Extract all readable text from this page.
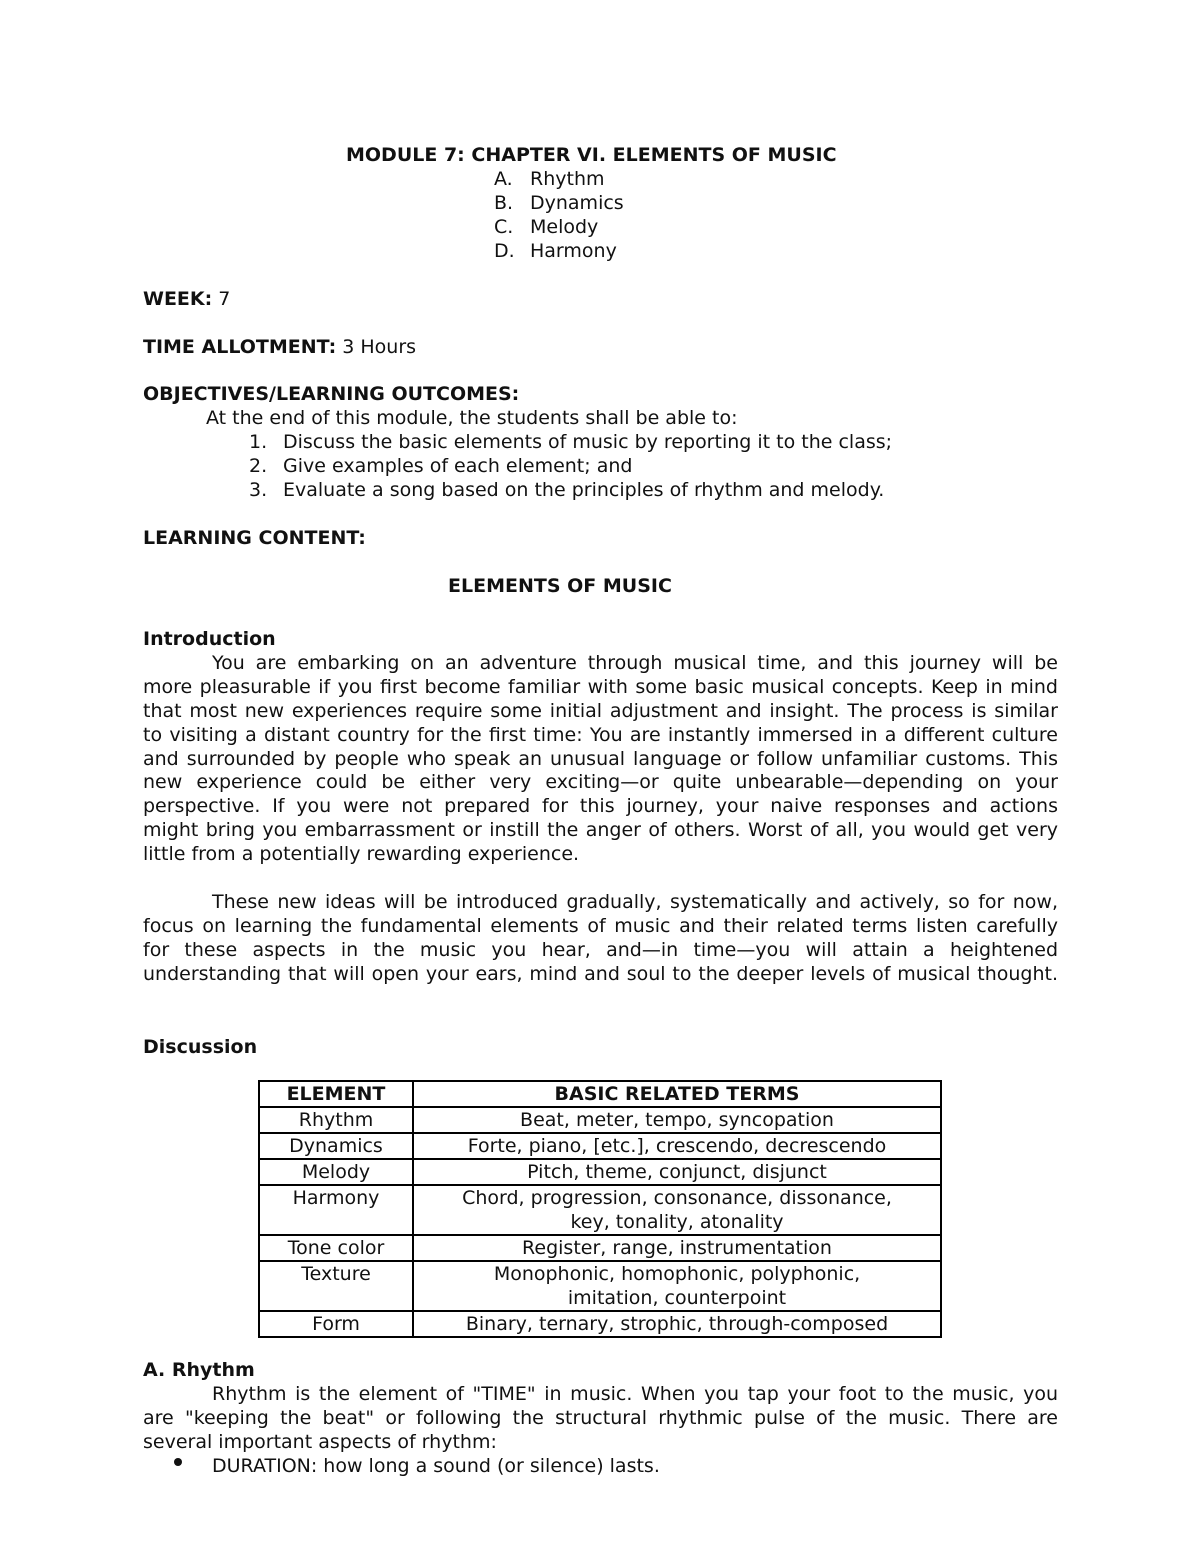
MODULE 7: CHAPTER VI. ELEMENTS OF MUSIC
A. Rhythm
B. Dynamics
C. Melody
D. Harmony
WEEK: 7
TIME ALLOTMENT: 3 Hours
OBJECTIVES/LEARNING OUTCOMES:
At the end of this module, the students shall be able to:
1. Discuss the basic elements of music by reporting it to the class;
2. Give examples of each element; and
3. Evaluate a song based on the principles of rhythm and melody.
LEARNING CONTENT:
ELEMENTS OF MUSIC
Introduction
You are embarking on an adventure through musical time, and this journey will be
more pleasurable if you first become familiar with some basic musical concepts. Keep in mind
that most new experiences require some initial adjustment and insight. The process is similar
to visiting a distant country for the first time: You are instantly immersed in a different culture
and surrounded by people who speak an unusual language or follow unfamiliar customs. This
new experience could be either very exciting—or quite unbearable—depending on your
perspective. If you were not prepared for this journey, your naive responses and actions
might bring you embarrassment or instill the anger of others. Worst of all, you would get very
little from a potentially rewarding experience.
These new ideas will be introduced gradually, systematically and actively, so for now,
focus on learning the fundamental elements of music and their related terms listen carefully
for these aspects in the music you hear, and—in time—you will attain a heightened
understanding that will open your ears, mind and soul to the deeper levels of musical thought.
Discussion
ELEMENT	BASIC RELATED TERMS
Rhythm	Beat, meter, tempo, syncopation
Dynamics	Forte, piano, [etc.], crescendo, decrescendo
Melody	Pitch, theme, conjunct, disjunct
Harmony	Chord, progression, consonance, dissonance,
key, tonality, atonality

Tone color	Register, range, instrumentation
Texture	Monophonic, homophonic, polyphonic,
imitation, counterpoint

Form	Binary, ternary, strophic, through-composed
A. Rhythm
Rhythm is the element of "TIME" in music. When you tap your foot to the music, you
are "keeping the beat" or following the structural rhythmic pulse of the music. There are
several important aspects of rhythm:
DURATION: how long a sound (or silence) lasts.
